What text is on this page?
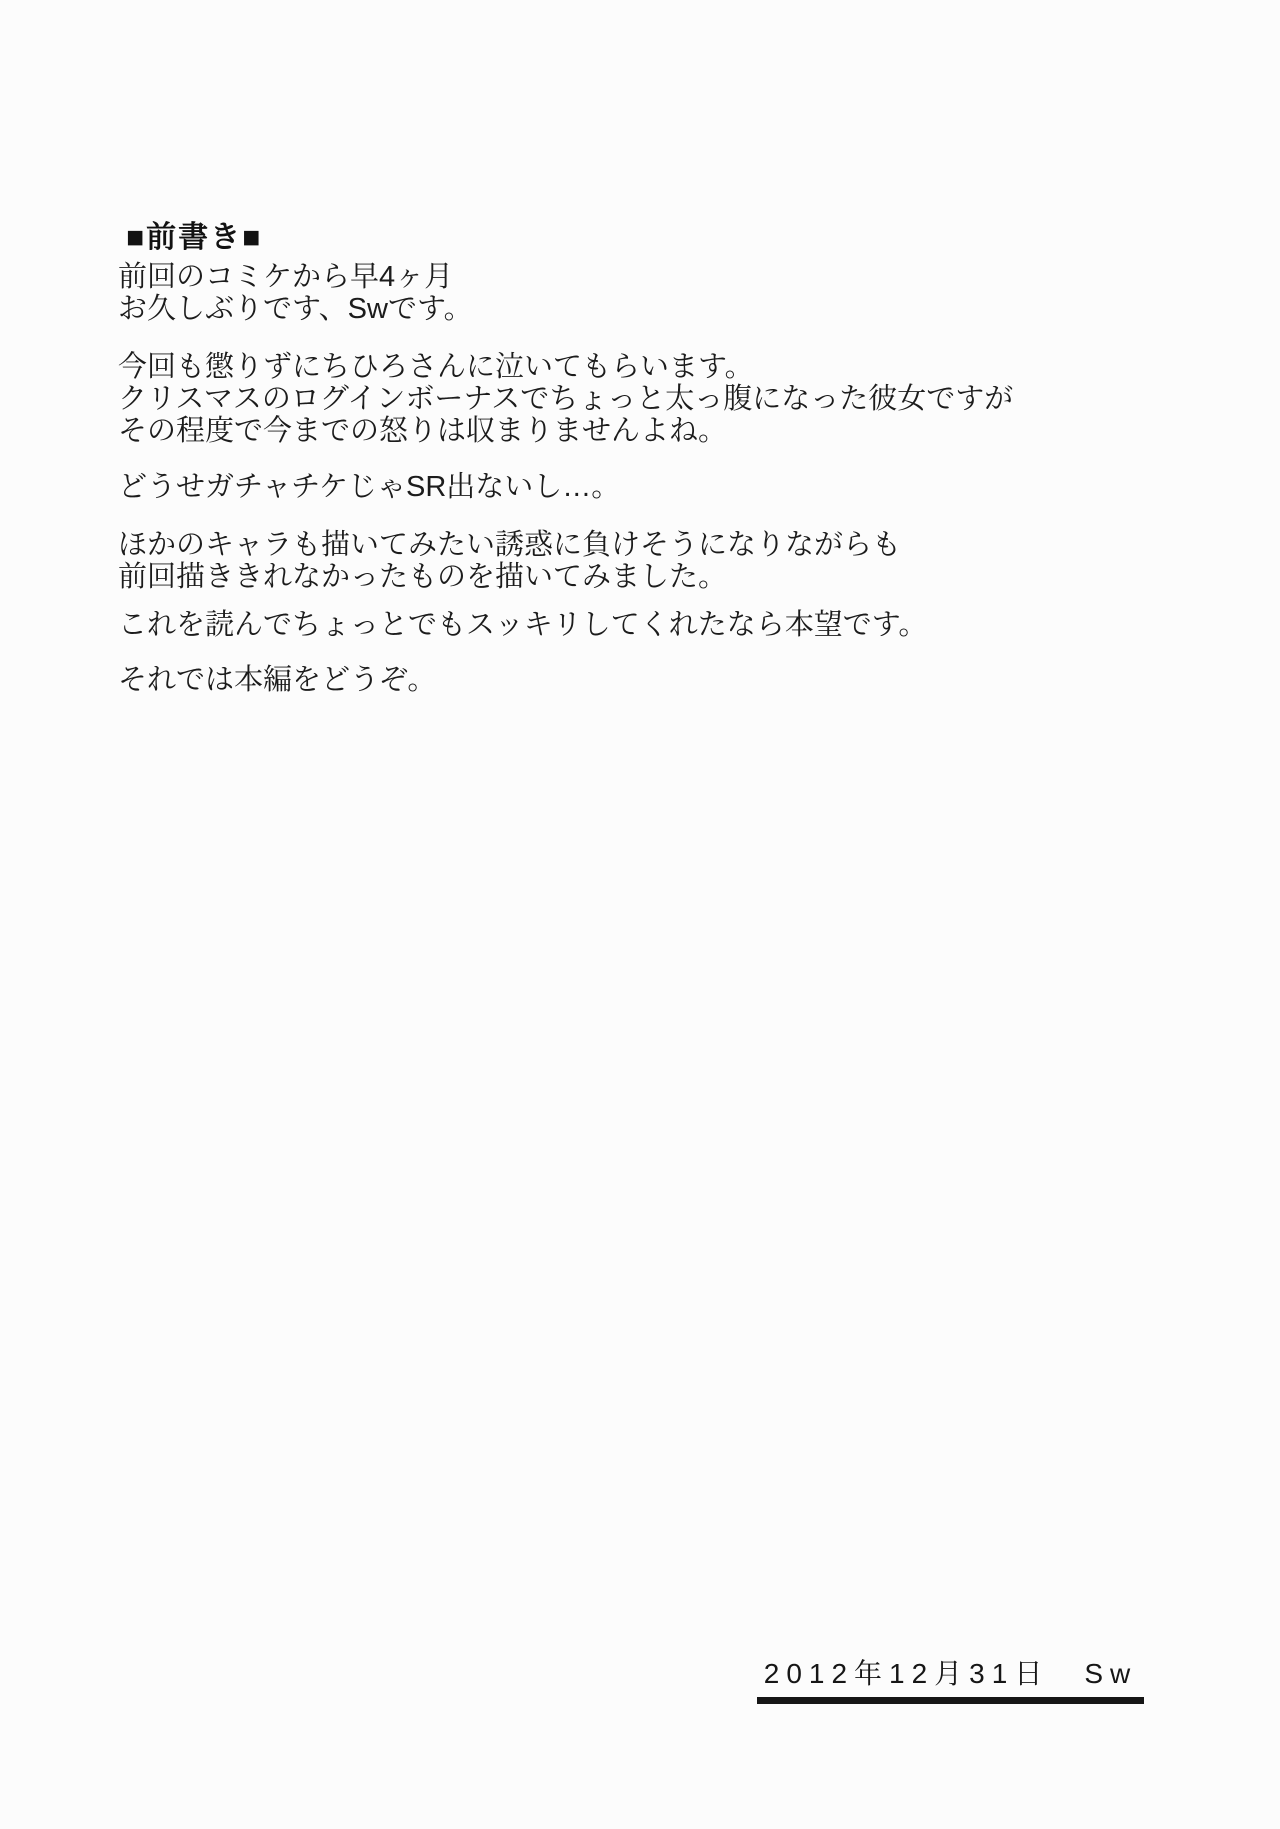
■前書き■
前回のコミケから早4ヶ月
お久しぶりです、Swです。
今回も懲りずにちひろさんに泣いてもらいます。
クリスマスのログインボーナスでちょっと太っ腹になった彼女ですが
その程度で今までの怒りは収まりませんよね。
どうせガチャチケじゃSR出ないし…。
ほかのキャラも描いてみたい誘惑に負けそうになりながらも
前回描ききれなかったものを描いてみました。
これを読んでちょっとでもスッキリしてくれたなら本望です。
それでは本編をどうぞ。
2012年12月31日　Sw
